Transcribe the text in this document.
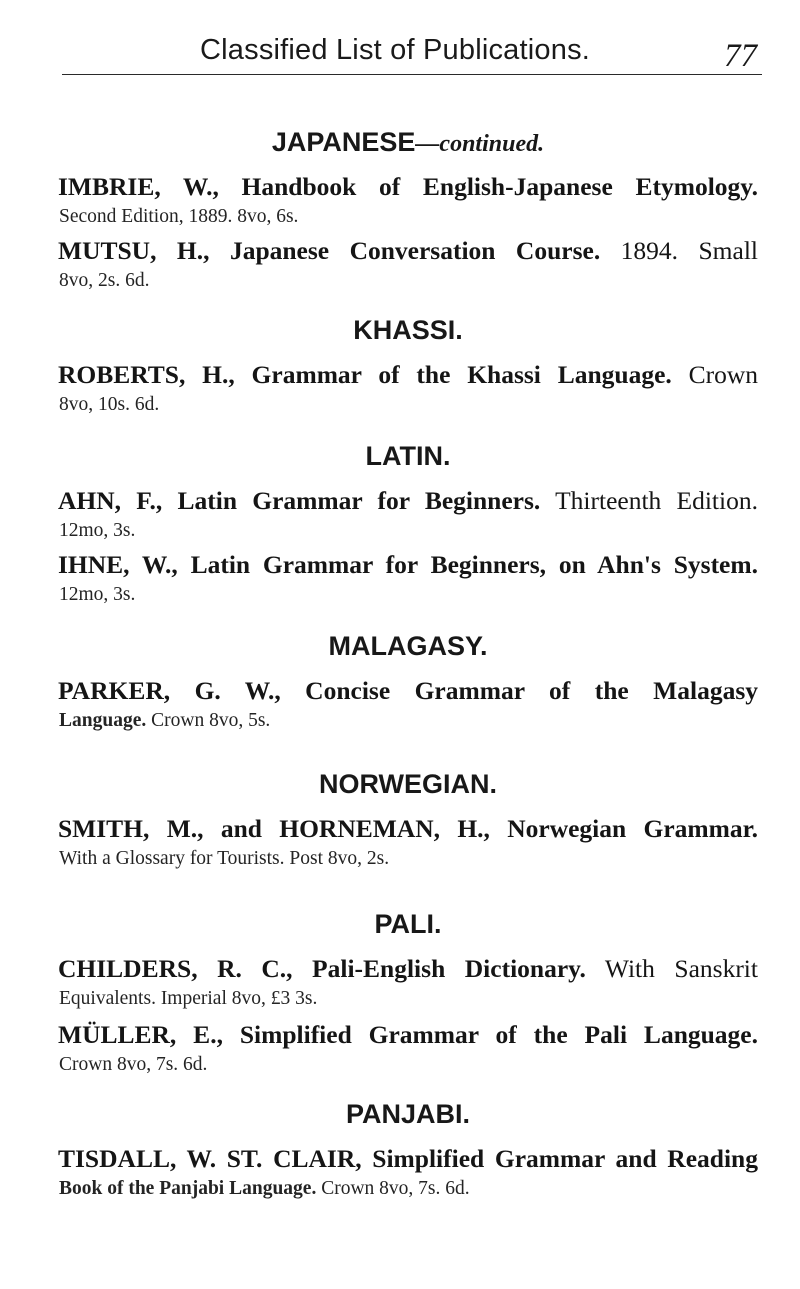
Classified List of Publications.	77
JAPANESE—continued.
IMBRIE, W., Handbook of English-Japanese Etymology.
Second Edition, 1889. 8vo, 6s.
MUTSU, H., Japanese Conversation Course. 1894. Small
8vo, 2s. 6d.
KHASSI.
ROBERTS, H., Grammar of the Khassi Language. Crown
8vo, 10s. 6d.
LATIN.
AHN, F., Latin Grammar for Beginners. Thirteenth Edition.
12mo, 3s.
IHNE, W., Latin Grammar for Beginners, on Ahn's System.
12mo, 3s.
MALAGASY.
PARKER, G. W., Concise Grammar of the Malagasy
Language. Crown 8vo, 5s.
NORWEGIAN.
SMITH, M., and HORNEMAN, H., Norwegian Grammar.
With a Glossary for Tourists. Post 8vo, 2s.
PALI.
CHILDERS, R. C., Pali-English Dictionary. With Sanskrit
Equivalents. Imperial 8vo, £3 3s.
MÜLLER, E., Simplified Grammar of the Pali Language.
Crown 8vo, 7s. 6d.
PANJABI.
TISDALL, W. ST. CLAIR, Simplified Grammar and Reading
Book of the Panjabi Language. Crown 8vo, 7s. 6d.
